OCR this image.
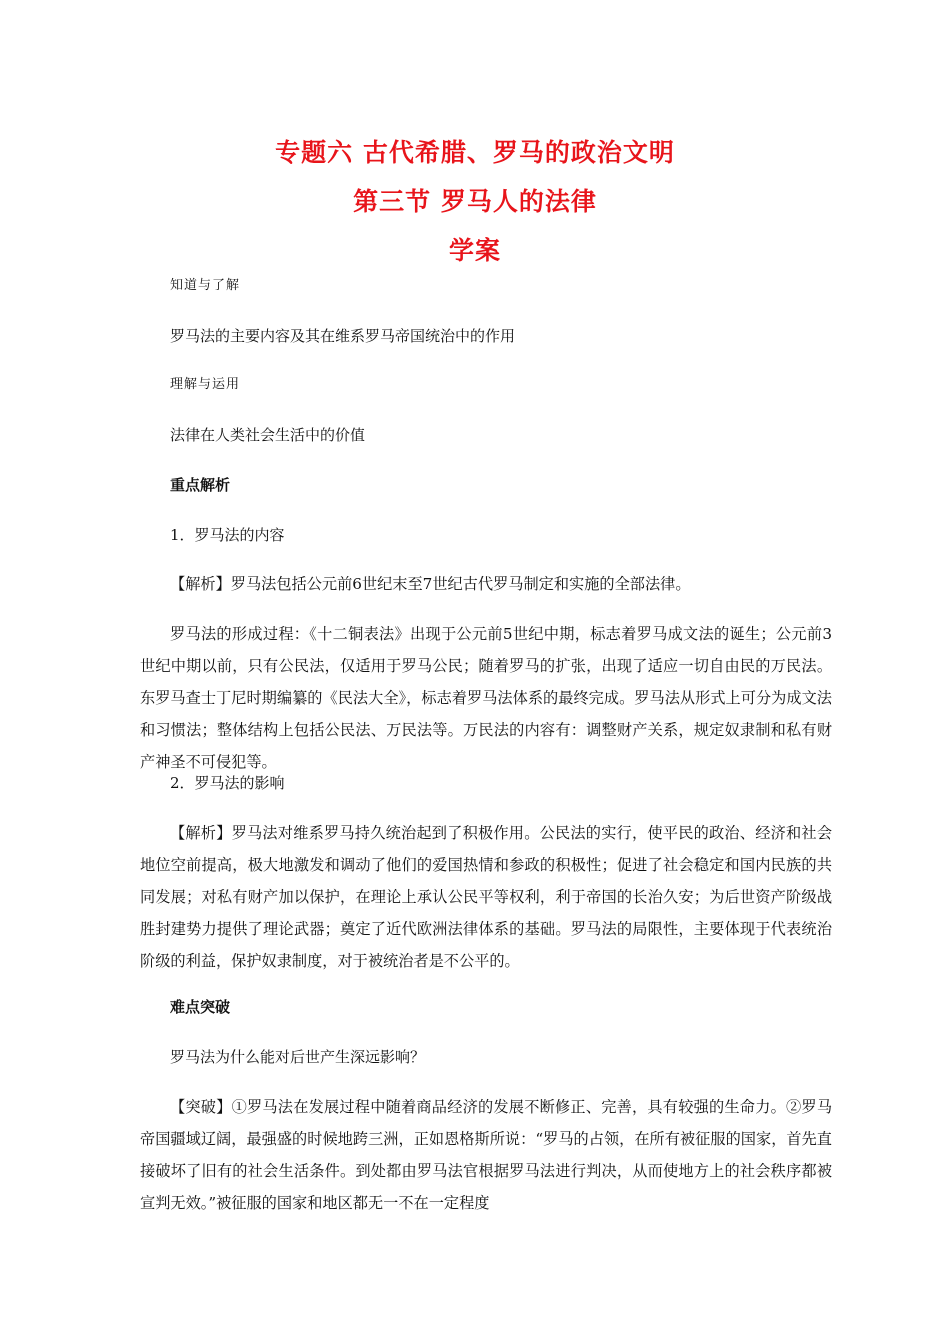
专题六 古代希腊、罗马的政治文明
第三节 罗马人的法律
学案
知道与了解
罗马法的主要内容及其在维系罗马帝国统治中的作用
理解与运用
法律在人类社会生活中的价值
重点解析
1．罗马法的内容

【解析】罗马法包括公元前6世纪末至7世纪古代罗马制定和实施的全部法律。

罗马法的形成过程：《十二铜表法》出现于公元前5世纪中期，标志着罗马成文法的诞生；公元前3世纪中期以前，只有公民法，仅适用于罗马公民；随着罗马的扩张，出现了适应一切自由民的万民法。东罗马查士丁尼时期编纂的《民法大全》，标志着罗马法体系的最终完成。罗马法从形式上可分为成文法和习惯法；整体结构上包括公民法、万民法等。万民法的内容有：调整财产关系，规定奴隶制和私有财产神圣不可侵犯等。

2．罗马法的影响

【解析】罗马法对维系罗马持久统治起到了积极作用。公民法的实行，使平民的政治、经济和社会地位空前提高，极大地激发和调动了他们的爱国热情和参政的积极性；促进了社会稳定和国内民族的共同发展；对私有财产加以保护，在理论上承认公民平等权利，利于帝国的长治久安；为后世资产阶级战胜封建势力提供了理论武器；奠定了近代欧洲法律体系的基础。罗马法的局限性，主要体现于代表统治阶级的利益，保护奴隶制度，对于被统治者是不公平的。

难点突破
罗马法为什么能对后世产生深远影响？

【突破】①罗马法在发展过程中随着商品经济的发展不断修正、完善，具有较强的生命力。②罗马帝国疆域辽阔，最强盛的时候地跨三洲，正如恩格斯所说：“罗马的占领，在所有被征服的国家，首先直接破坏了旧有的社会生活条件。到处都由罗马法官根据罗马法进行判决，从而使地方上的社会秩序都被宣判无效。”被征服的国家和地区都无一不在一定程度
